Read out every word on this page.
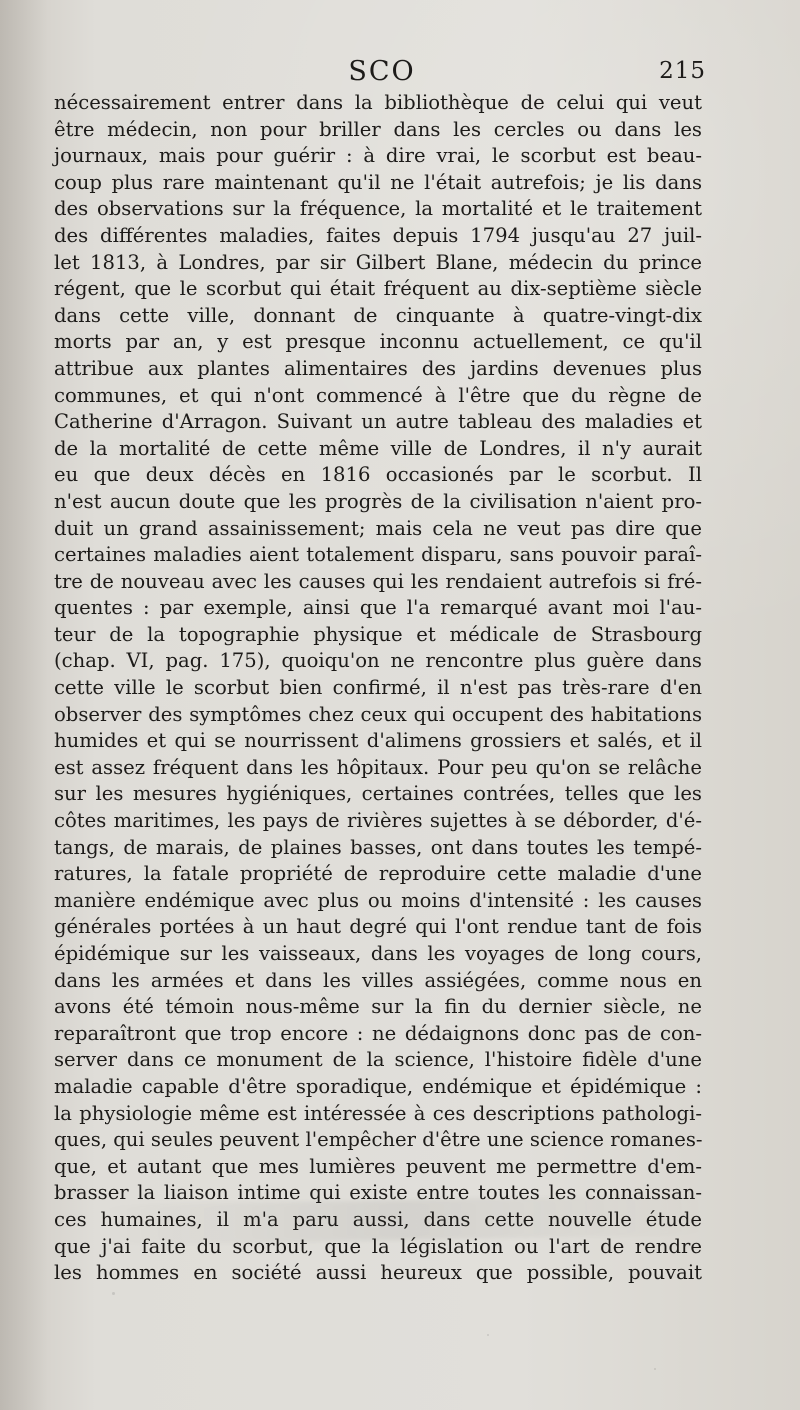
SCO	215
nécessairement entrer dans la bibliothèque de celui qui veut
être médecin, non pour briller dans les cercles ou dans les
journaux, mais pour guérir : à dire vrai, le scorbut est beau-
coup plus rare maintenant qu'il ne l'était autrefois; je lis dans
des observations sur la fréquence, la mortalité et le traitement
des différentes maladies, faites depuis 1794 jusqu'au 27 juil-
let 1813, à Londres, par sir Gilbert Blane, médecin du prince
régent, que le scorbut qui était fréquent au dix-septième siècle
dans cette ville, donnant de cinquante à quatre-vingt-dix
morts par an, y est presque inconnu actuellement, ce qu'il
attribue aux plantes alimentaires des jardins devenues plus
communes, et qui n'ont commencé à l'être que du règne de
Catherine d'Arragon. Suivant un autre tableau des maladies et
de la mortalité de cette même ville de Londres, il n'y aurait
eu que deux décès en 1816 occasionés par le scorbut. Il
n'est aucun doute que les progrès de la civilisation n'aient pro-
duit un grand assainissement; mais cela ne veut pas dire que
certaines maladies aient totalement disparu, sans pouvoir paraî-
tre de nouveau avec les causes qui les rendaient autrefois si fré-
quentes : par exemple, ainsi que l'a remarqué avant moi l'au-
teur de la topographie physique et médicale de Strasbourg
(chap. VI, pag. 175), quoiqu'on ne rencontre plus guère dans
cette ville le scorbut bien confirmé, il n'est pas très-rare d'en
observer des symptômes chez ceux qui occupent des habitations
humides et qui se nourrissent d'alimens grossiers et salés, et il
est assez fréquent dans les hôpitaux. Pour peu qu'on se relâche
sur les mesures hygiéniques, certaines contrées, telles que les
côtes maritimes, les pays de rivières sujettes à se déborder, d'é-
tangs, de marais, de plaines basses, ont dans toutes les tempé-
ratures, la fatale propriété de reproduire cette maladie d'une
manière endémique avec plus ou moins d'intensité : les causes
générales portées à un haut degré qui l'ont rendue tant de fois
épidémique sur les vaisseaux, dans les voyages de long cours,
dans les armées et dans les villes assiégées, comme nous en
avons été témoin nous-même sur la fin du dernier siècle, ne
reparaîtront que trop encore : ne dédaignons donc pas de con-
server dans ce monument de la science, l'histoire fidèle d'une
maladie capable d'être sporadique, endémique et épidémique :
la physiologie même est intéressée à ces descriptions pathologi-
ques, qui seules peuvent l'empêcher d'être une science romanes-
que, et autant que mes lumières peuvent me permettre d'em-
brasser la liaison intime qui existe entre toutes les connaissan-
ces humaines, il m'a paru aussi, dans cette nouvelle étude
que j'ai faite du scorbut, que la législation ou l'art de rendre
les hommes en société aussi heureux que possible, pouvait
